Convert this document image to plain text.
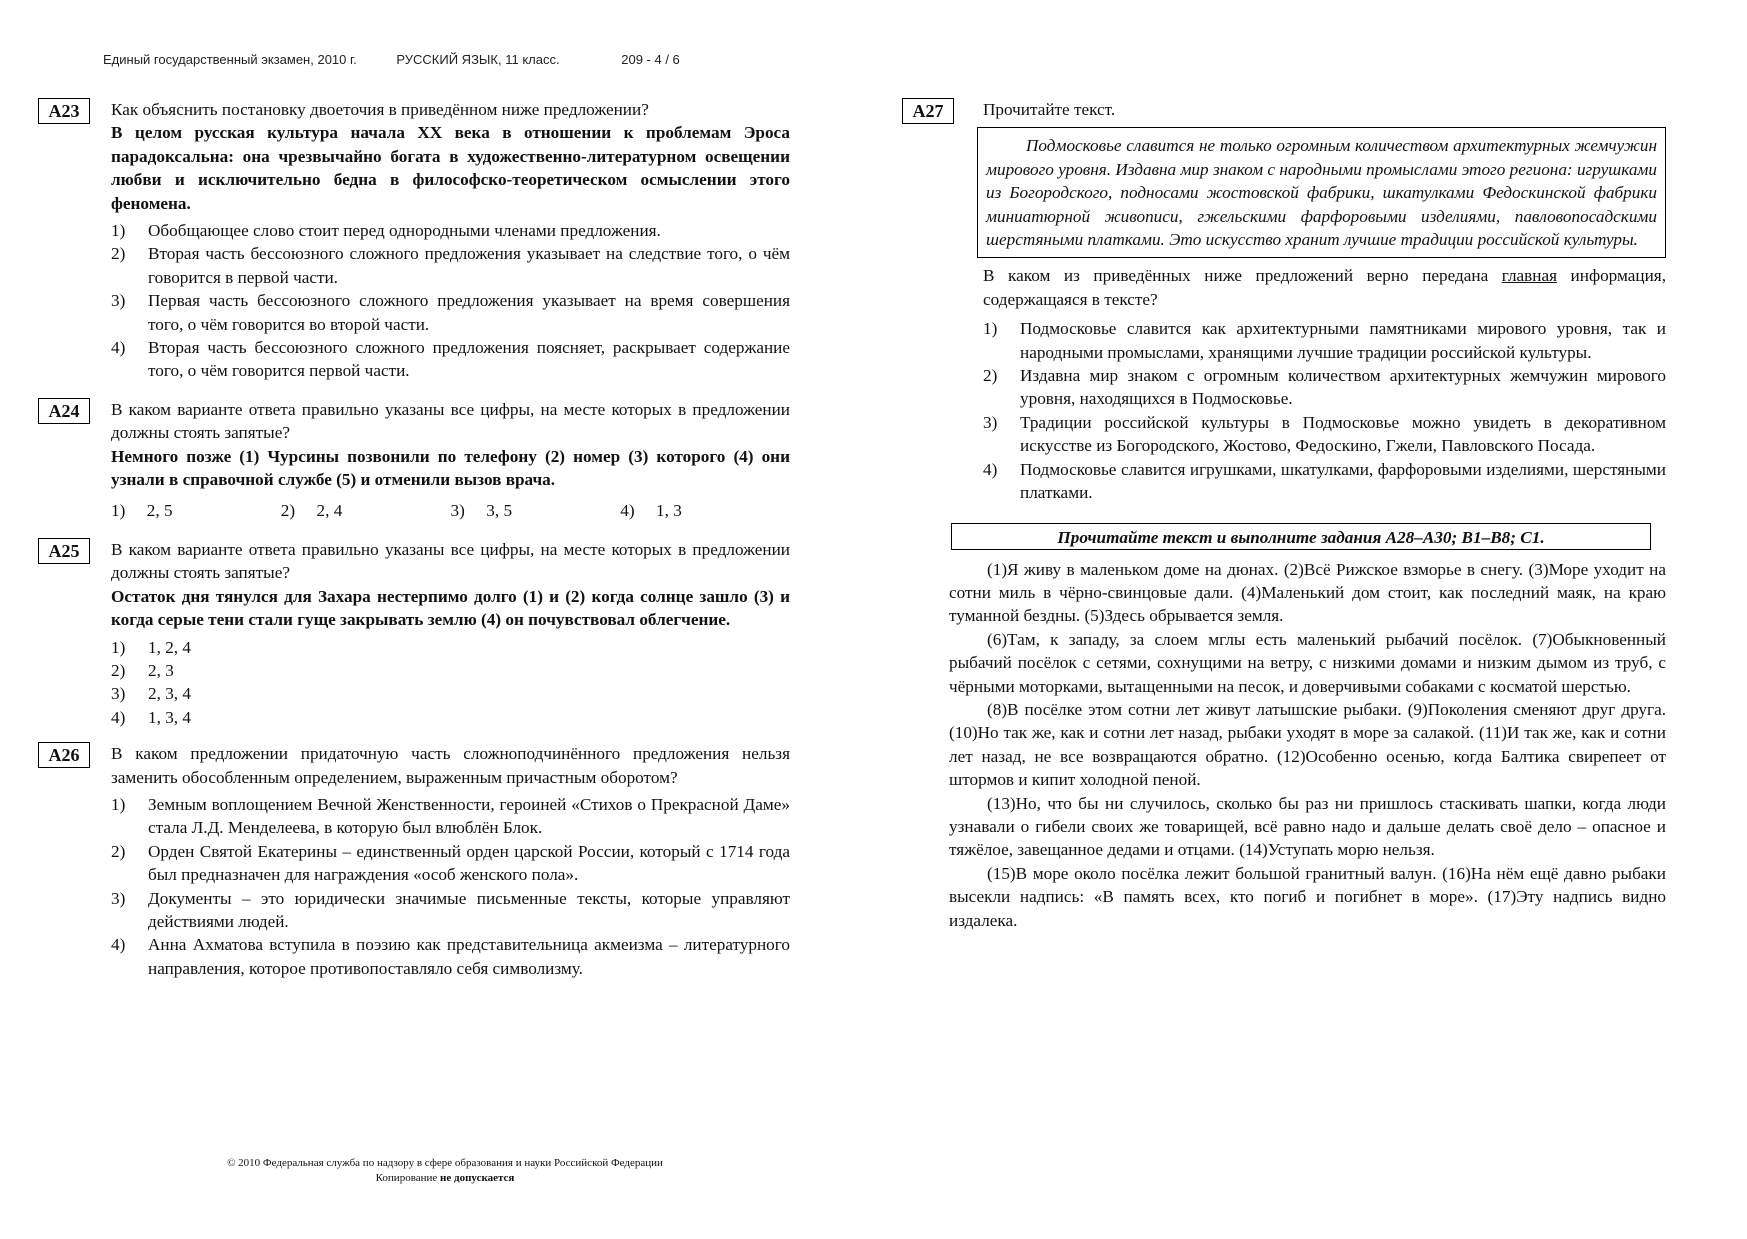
Единый государственный экзамен, 2010 г.	РУССКИЙ ЯЗЫК, 11 класс.	209 - 4 / 6
A23	Как объяснить постановку двоеточия в приведённом ниже предложении?
В целом русская культура начала XX века в отношении к проблемам Эроса парадоксальна: она чрезвычайно богата в художественно-литературном освещении любви и исключительно бедна в философско-теоретическом осмыслении этого феномена.
1) Обобщающее слово стоит перед однородными членами предложения.
2) Вторая часть бессоюзного сложного предложения указывает на следствие того, о чём говорится в первой части.
3) Первая часть бессоюзного сложного предложения указывает на время совершения того, о чём говорится во второй части.
4) Вторая часть бессоюзного сложного предложения поясняет, раскрывает содержание того, о чём говорится первой части.
A24	В каком варианте ответа правильно указаны все цифры, на месте которых в предложении должны стоять запятые?
Немного позже (1) Чурсины позвонили по телефону (2) номер (3) которого (4) они узнали в справочной службе (5) и отменили вызов врача.
1)     2, 5	2)     2, 4	3)     3, 5	4)     1, 3
A25	В каком варианте ответа правильно указаны все цифры, на месте которых в предложении должны стоять запятые?
Остаток дня тянулся для Захара нестерпимо долго (1) и (2) когда солнце зашло (3) и когда серые тени стали гуще закрывать землю (4) он почувствовал облегчение.
1) 1, 2, 4
2) 2, 3
3) 2, 3, 4
4) 1, 3, 4
A26	В каком предложении придаточную часть сложноподчинённого предложения нельзя заменить обособленным определением, выраженным причастным оборотом?
1) Земным воплощением Вечной Женственности, героиней «Стихов о Прекрасной Даме» стала Л.Д. Менделеева, в которую был влюблён Блок.
2) Орден Святой Екатерины – единственный орден царской России, который с 1714 года был предназначен для награждения «особ женского пола».
3) Документы – это юридически значимые письменные тексты, которые управляют действиями людей.
4) Анна Ахматова вступила в поэзию как представительница акмеизма – литературного направления, которое противопоставляло себя символизму.
A27	Прочитайте текст.
Подмосковье славится не только огромным количеством архитектурных жемчужин мирового уровня. Издавна мир знаком с народными промыслами этого региона: игрушками из Богородского, подносами жостовской фабрики, шкатулками Федоскинской фабрики миниатюрной живописи, гжельскими фарфоровыми изделиями, павловопосадскими шерстяными платками. Это искусство хранит лучшие традиции российской культуры.
В каком из приведённых ниже предложений верно передана главная информация, содержащаяся в тексте?
1) Подмосковье славится как архитектурными памятниками мирового уровня, так и народными промыслами, хранящими лучшие традиции российской культуры.
2) Издавна мир знаком с огромным количеством архитектурных жемчужин мирового уровня, находящихся в Подмосковье.
3) Традиции российской культуры в Подмосковье можно увидеть в декоративном искусстве из Богородского, Жостово, Федоскино, Гжели, Павловского Посада.
4) Подмосковье славится игрушками, шкатулками, фарфоровыми изделиями, шерстяными платками.
Прочитайте текст и выполните задания А28–А30; В1–В8; С1.

(1)Я живу в маленьком доме на дюнах. (2)Всё Рижское взморье в снегу. (3)Море уходит на сотни миль в чёрно-свинцовые дали. (4)Маленький дом стоит, как последний маяк, на краю туманной бездны. (5)Здесь обрывается земля.

(6)Там, к западу, за слоем мглы есть маленький рыбачий посёлок. (7)Обыкновенный рыбачий посёлок с сетями, сохнущими на ветру, с низкими домами и низким дымом из труб, с чёрными моторками, вытащенными на песок, и доверчивыми собаками с косматой шерстью.

(8)В посёлке этом сотни лет живут латышские рыбаки. (9)Поколения сменяют друг друга. (10)Но так же, как и сотни лет назад, рыбаки уходят в море за салакой. (11)И так же, как и сотни лет назад, не все возвращаются обратно. (12)Особенно осенью, когда Балтика свирепеет от штормов и кипит холодной пеной.

(13)Но, что бы ни случилось, сколько бы раз ни пришлось стаскивать шапки, когда люди узнавали о гибели своих же товарищей, всё равно надо и дальше делать своё дело – опасное и тяжёлое, завещанное дедами и отцами. (14)Уступать морю нельзя.

(15)В море около посёлка лежит большой гранитный валун. (16)На нём ещё давно рыбаки высекли надпись: «В память всех, кто погиб и погибнет в море». (17)Эту надпись видно издалека.

© 2010 Федеральная служба по надзору в сфере образования и науки Российской Федерации
Копирование не допускается
